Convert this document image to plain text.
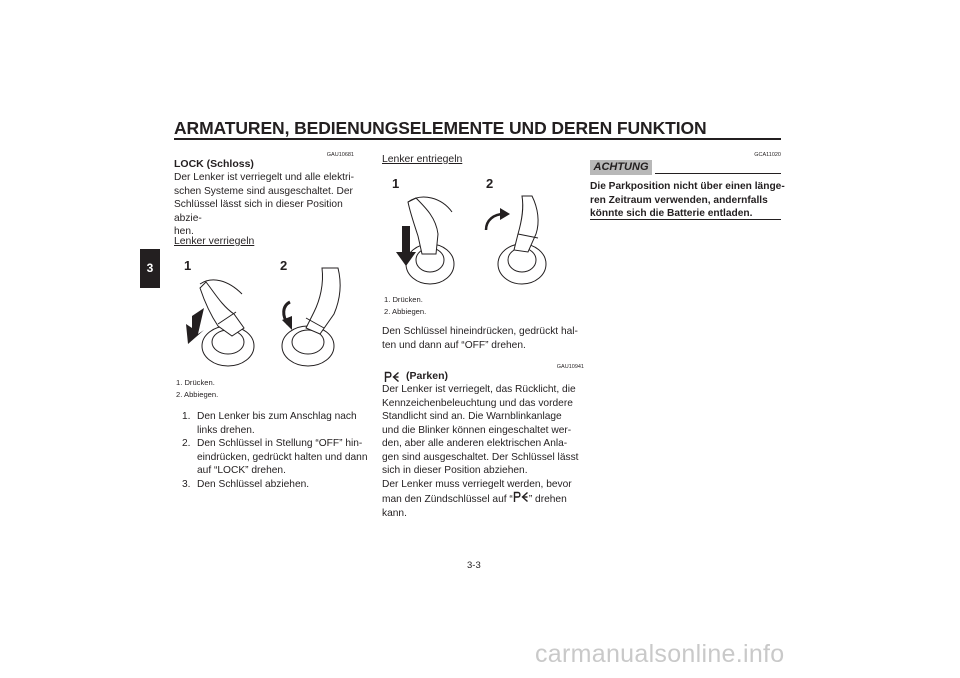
ARMATUREN, BEDIENUNGSELEMENTE UND DEREN FUNKTION
3
GAU10681
LOCK (Schloss)
Der Lenker ist verriegelt und alle elektri-
schen Systeme sind ausgeschaltet. Der
Schlüssel lässt sich in dieser Position abzie-
hen.
Lenker verriegeln
1	2
1. Drücken.
2. Abbiegen.
1. Den Lenker bis zum Anschlag nach
links drehen.
2. Den Schlüssel in Stellung “OFF” hin-
eindrücken, gedrückt halten und dann
auf “LOCK” drehen.
3. Den Schlüssel abziehen.
Lenker entriegeln
1	2
1. Drücken.
2. Abbiegen.
Den Schlüssel hineindrücken, gedrückt hal-
ten und dann auf “OFF” drehen.
GAU10941
(Parken)
Der Lenker ist verriegelt, das Rücklicht, die
Kennzeichenbeleuchtung und das vordere
Standlicht sind an. Die Warnblinkanlage
und die Blinker können eingeschaltet wer-
den, aber alle anderen elektrischen Anla-
gen sind ausgeschaltet. Der Schlüssel lässt
sich in dieser Position abziehen.
Der Lenker muss verriegelt werden, bevor
man den Zündschlüssel auf “ ” drehen
kann.
GCA11020
ACHTUNG
Die Parkposition nicht über einen länge-
ren Zeitraum verwenden, andernfalls
könnte sich die Batterie entladen.
3-3
carmanualsonline.info
